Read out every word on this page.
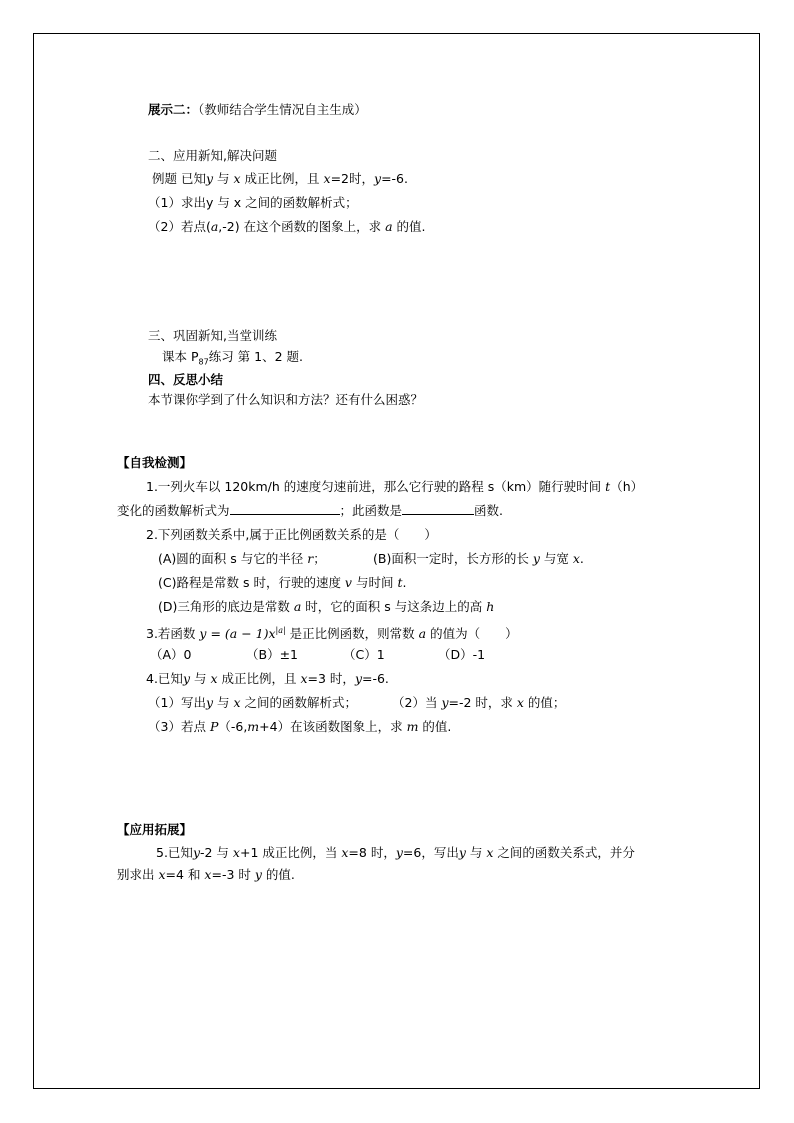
展示二：（教师结合学生情况自主生成）
二、应用新知,解决问题
例题 已知y 与 x 成正比例，且 x=2时，y=-6.
（1）求出y 与 x 之间的函数解析式；
（2）若点(a,-2) 在这个函数的图象上，求 a 的值.
三、巩固新知,当堂训练
课本 $P_{87}$练习 第 1、2 题.
四、反思小结
本节课你学到了什么知识和方法？还有什么困惑？
【自我检测】
1.一列火车以 120km/h 的速度匀速前进，那么它行驶的路程 s（km）随行驶时间 t（h）
变化的函数解析式为	；此函数是	函数.
2.下列函数关系中,属于正比例函数关系的是（　　）
(A)圆的面积 s 与它的半径 r；	(B)面积一定时，长方形的长 y 与宽 x.
(C)路程是常数 s 时，行驶的速度 v 与时间 t.
(D)三角形的底边是常数 a 时，它的面积 s 与这条边上的高 h
3.若函数 $y = (a - 1)x^{|a|}$ 是正比例函数，则常数 a 的值为（　　）
（A）0	（B）±1	（C）1	（D）-1
4.已知y 与 x 成正比例，且 x=3 时，y=-6.
（1）写出y 与 x 之间的函数解析式；	（2）当 y=-2 时，求 x 的值；
（3）若点 P（-6,m+4）在该函数图象上，求 m 的值.
【应用拓展】
5.已知y-2 与 x+1 成正比例，当 x=8 时，y=6，写出y 与 x 之间的函数关系式，并分
别求出 x=4 和 x=-3 时 y 的值.
